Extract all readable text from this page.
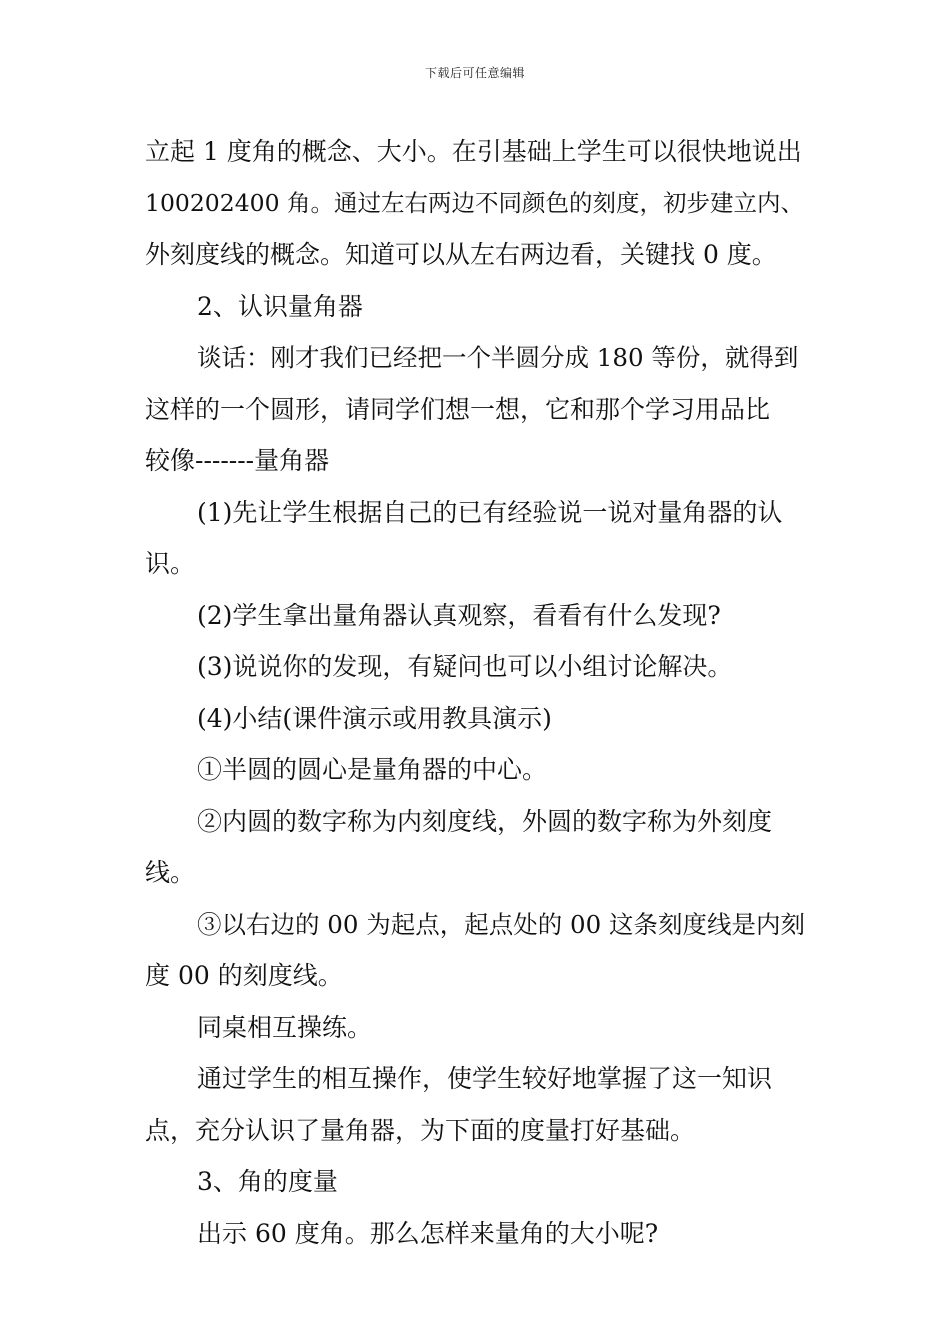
下载后可任意编辑
立起 1 度角的概念、大小。在引基础上学生可以很快地说出
100202400 角。通过左右两边不同颜色的刻度，初步建立内、
外刻度线的概念。知道可以从左右两边看，关键找 0 度。
2、认识量角器
谈话：刚才我们已经把一个半圆分成 180 等份，就得到
这样的一个圆形，请同学们想一想，它和那个学习用品比
较像-------量角器
(1)先让学生根据自己的已有经验说一说对量角器的认
识。
(2)学生拿出量角器认真观察，看看有什么发现?
(3)说说你的发现，有疑问也可以小组讨论解决。
(4)小结(课件演示或用教具演示)
①半圆的圆心是量角器的中心。
②内圆的数字称为内刻度线，外圆的数字称为外刻度
线。
③以右边的 00 为起点，起点处的 00 这条刻度线是内刻
度 00 的刻度线。
同桌相互操练。
通过学生的相互操作，使学生较好地掌握了这一知识
点，充分认识了量角器，为下面的度量打好基础。
3、角的度量
出示 60 度角。那么怎样来量角的大小呢?
